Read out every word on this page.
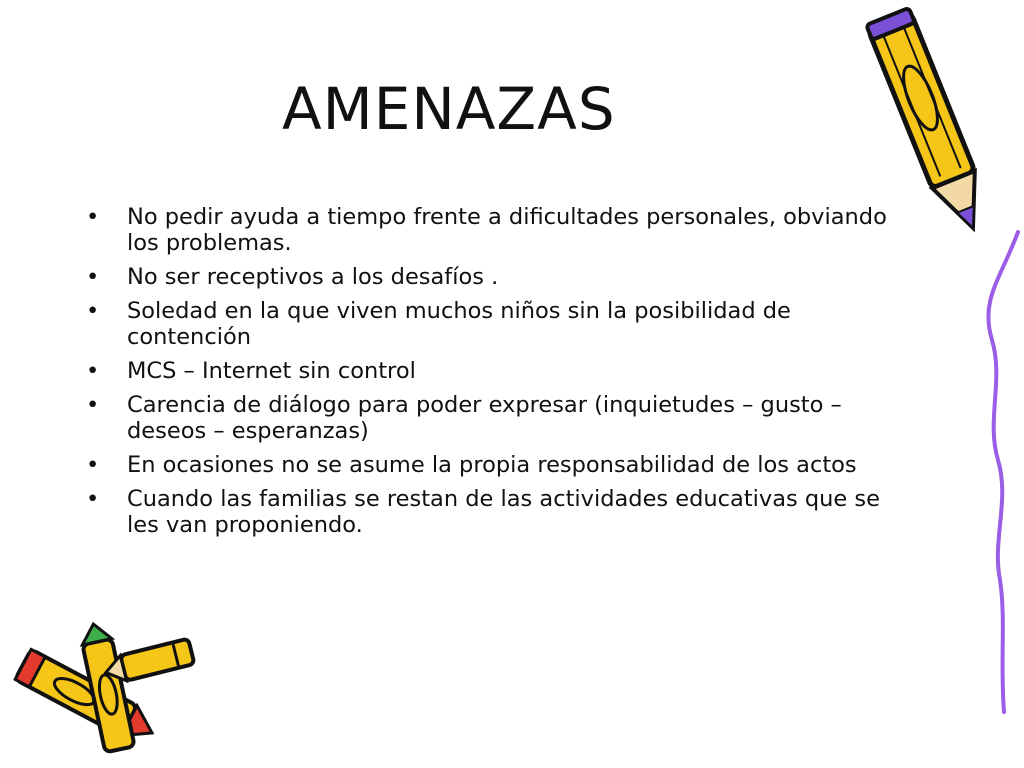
AMENAZAS
• No pedir ayuda a tiempo frente a dificultades personales, obviando los problemas.
• No ser receptivos a los desafíos .
• Soledad en la que viven muchos niños sin la posibilidad de contención
• MCS – Internet sin control
• Carencia de diálogo para poder expresar (inquietudes – gusto – deseos – esperanzas)
• En ocasiones no se asume la propia responsabilidad de los actos
• Cuando las familias se restan de las actividades educativas que se les van proponiendo.
